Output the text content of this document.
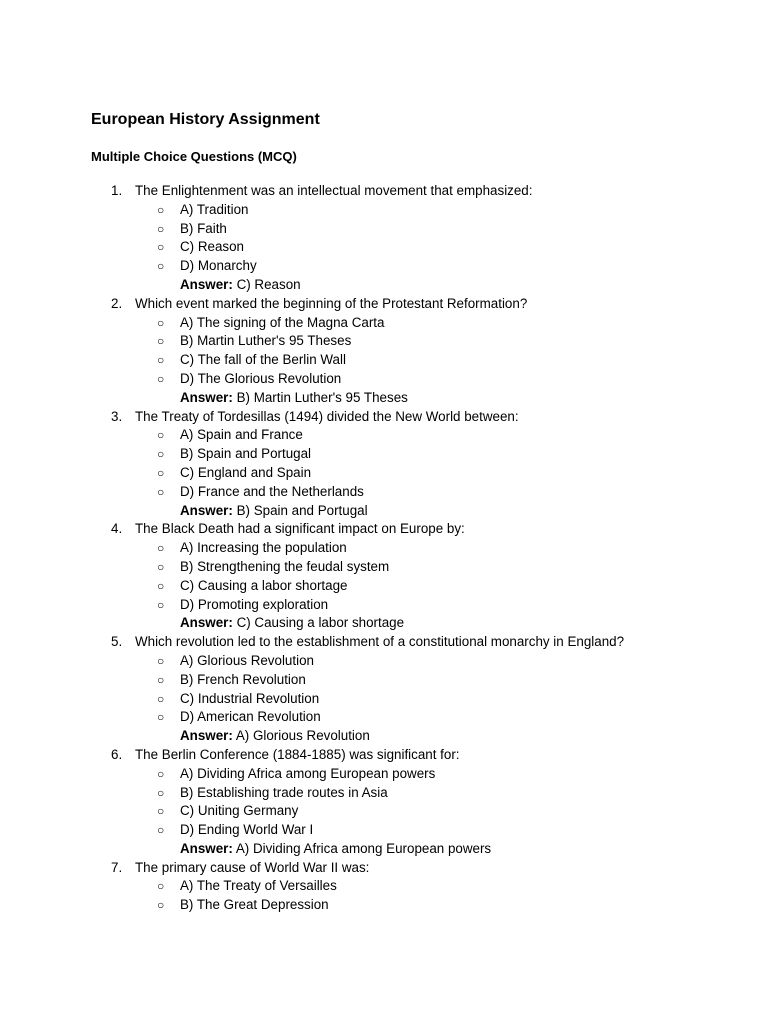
European History Assignment
Multiple Choice Questions (MCQ)
1. The Enlightenment was an intellectual movement that emphasized:
○ A) Tradition
○ B) Faith
○ C) Reason
○ D) Monarchy
Answer: C) Reason
2. Which event marked the beginning of the Protestant Reformation?
○ A) The signing of the Magna Carta
○ B) Martin Luther's 95 Theses
○ C) The fall of the Berlin Wall
○ D) The Glorious Revolution
Answer: B) Martin Luther's 95 Theses
3. The Treaty of Tordesillas (1494) divided the New World between:
○ A) Spain and France
○ B) Spain and Portugal
○ C) England and Spain
○ D) France and the Netherlands
Answer: B) Spain and Portugal
4. The Black Death had a significant impact on Europe by:
○ A) Increasing the population
○ B) Strengthening the feudal system
○ C) Causing a labor shortage
○ D) Promoting exploration
Answer: C) Causing a labor shortage
5. Which revolution led to the establishment of a constitutional monarchy in England?
○ A) Glorious Revolution
○ B) French Revolution
○ C) Industrial Revolution
○ D) American Revolution
Answer: A) Glorious Revolution
6. The Berlin Conference (1884-1885) was significant for:
○ A) Dividing Africa among European powers
○ B) Establishing trade routes in Asia
○ C) Uniting Germany
○ D) Ending World War I
Answer: A) Dividing Africa among European powers
7. The primary cause of World War II was:
○ A) The Treaty of Versailles
○ B) The Great Depression
